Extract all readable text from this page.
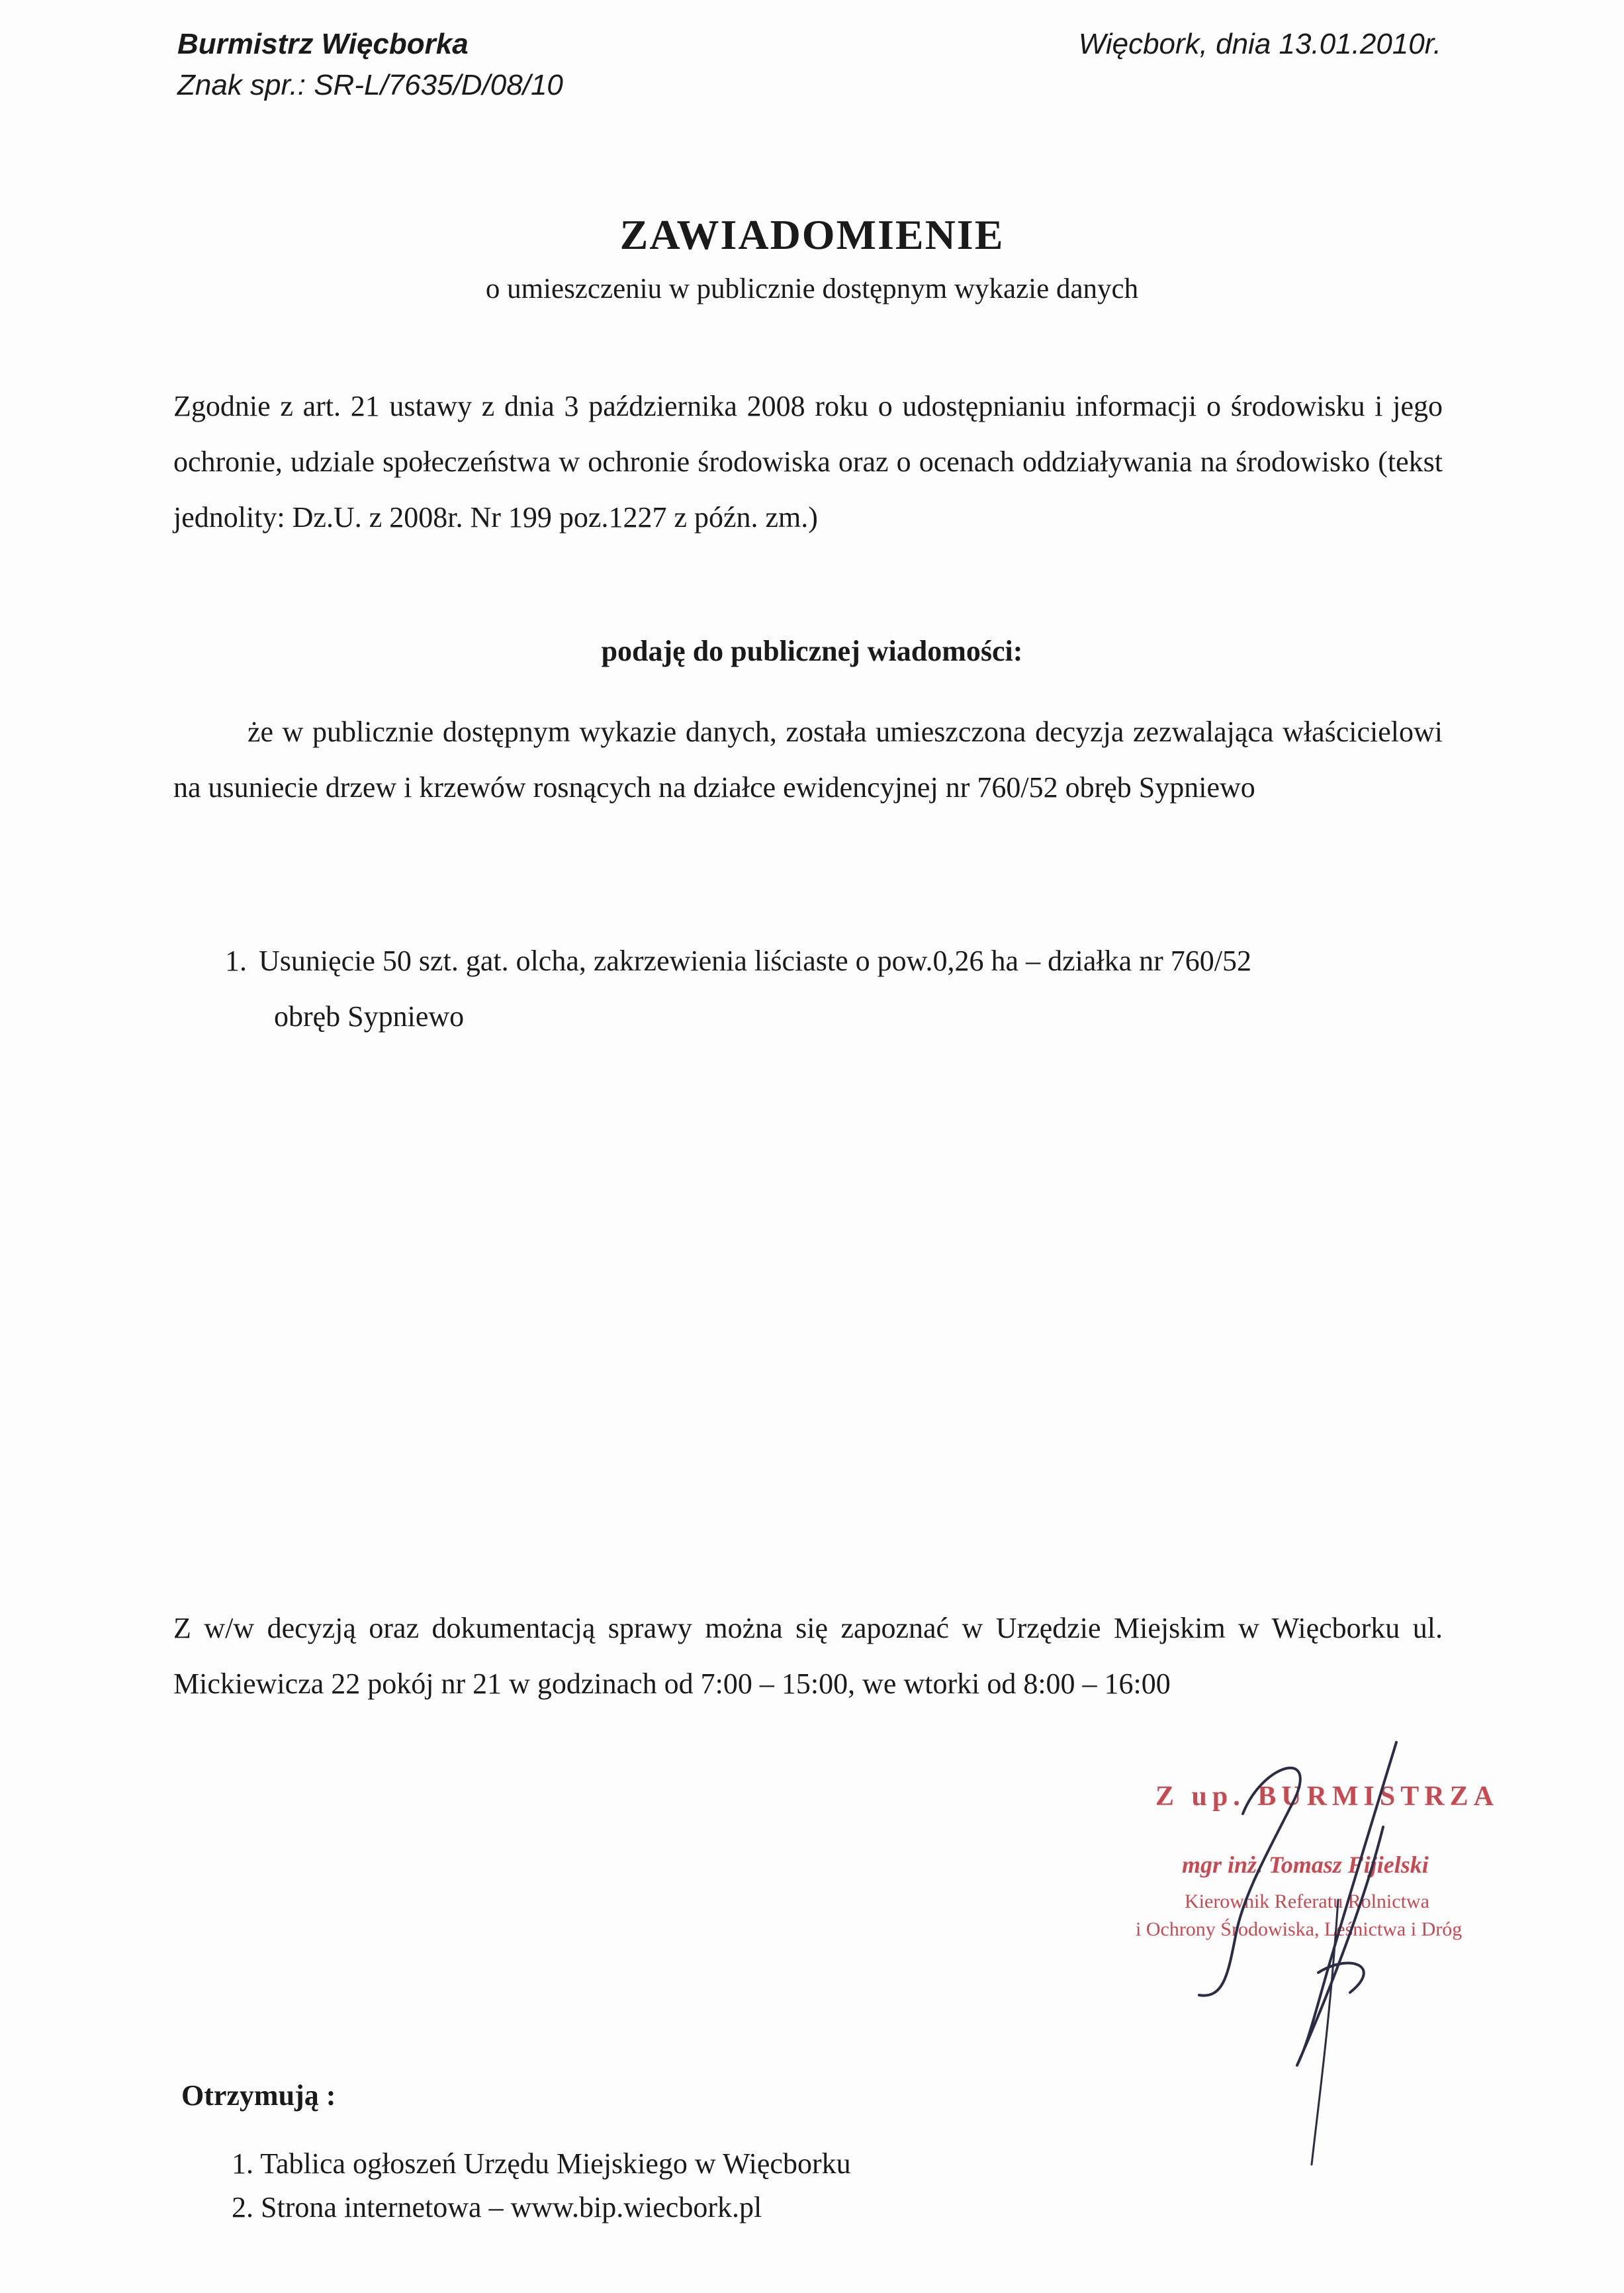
Burmistrz Więcborka
Znak spr.: SR-L/7635/D/08/10
Więcbork, dnia 13.01.2010r.
ZAWIADOMIENIE
o umieszczeniu w publicznie dostępnym wykazie danych
Zgodnie z art. 21 ustawy z dnia 3 października 2008 roku o udostępnianiu informacji o środowisku i jego ochronie, udziale społeczeństwa w ochronie środowiska oraz o ocenach oddziaływania na środowisko (tekst jednolity: Dz.U. z 2008r. Nr 199 poz.1227 z późn. zm.)
podaję do publicznej wiadomości:
że w publicznie dostępnym wykazie danych, została umieszczona decyzja zezwalająca właścicielowi na usuniecie drzew i krzewów rosnących na działce ewidencyjnej nr 760/52 obręb Sypniewo
1. Usunięcie 50 szt. gat. olcha, zakrzewienia liściaste o pow.0,26 ha – działka nr 760/52
obręb Sypniewo
Z w/w decyzją oraz dokumentacją sprawy można się zapoznać w Urzędzie Miejskim w Więcborku ul. Mickiewicza 22 pokój nr 21 w godzinach od 7:00 – 15:00, we wtorki od 8:00 – 16:00
Z up. BURMISTRZA
mgr inż. Tomasz Fijielski
Kierownik Referatu Rolnictwa
i Ochrony Środowiska, Leśnictwa i Dróg
Otrzymują :
1. Tablica ogłoszeń Urzędu Miejskiego w Więcborku
2. Strona internetowa – www.bip.wiecbork.pl
